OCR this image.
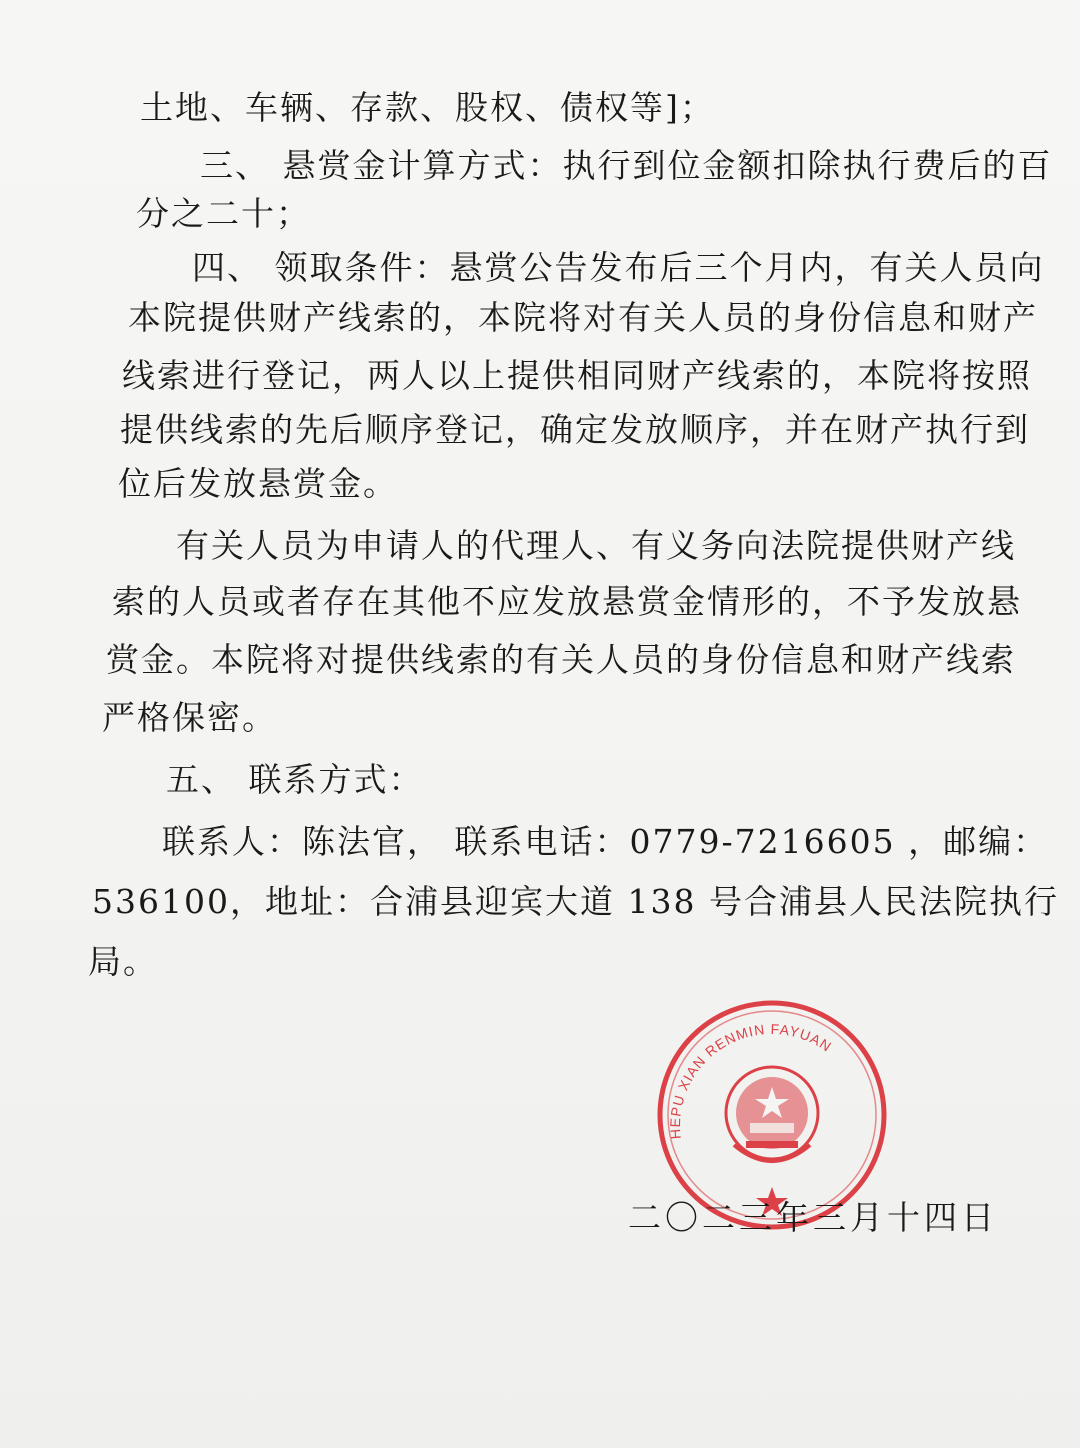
土地、车辆、存款、股权、债权等]；
三、 悬赏金计算方式：执行到位金额扣除执行费后的百
分之二十；
四、 领取条件：悬赏公告发布后三个月内，有关人员向
本院提供财产线索的，本院将对有关人员的身份信息和财产
线索进行登记，两人以上提供相同财产线索的，本院将按照
提供线索的先后顺序登记，确定发放顺序，并在财产执行到
位后发放悬赏金。
有关人员为申请人的代理人、有义务向法院提供财产线
索的人员或者存在其他不应发放悬赏金情形的，不予发放悬
赏金。本院将对提供线索的有关人员的身份信息和财产线索
严格保密。
五、 联系方式：
联系人：陈法官， 联系电话：0779-7216605 ，邮编：
536100，地址：合浦县迎宾大道 138 号合浦县人民法院执行
局。
HEPU XIAN RENMIN FAYUAN
二〇二三年三月十四日
